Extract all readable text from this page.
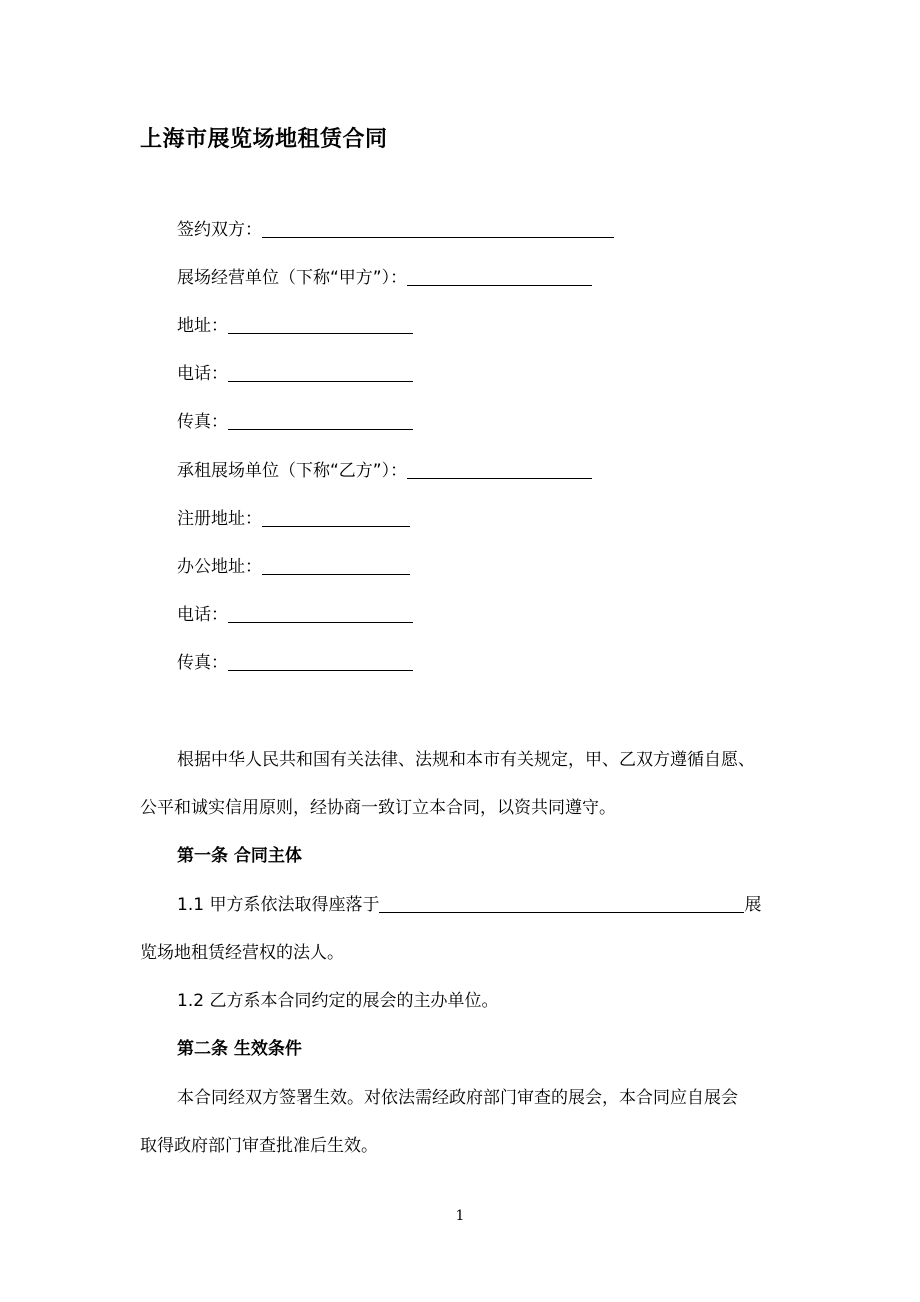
上海市展览场地租赁合同
签约双方：
展场经营单位（下称“甲方”）：
地址：
电话：
传真：
承租展场单位（下称“乙方”）：
注册地址：
办公地址：
电话：
传真：
根据中华人民共和国有关法律、法规和本市有关规定，甲、乙双方遵循自愿、
公平和诚实信用原则，经协商一致订立本合同，以资共同遵守。
第一条 合同主体
1.1 甲方系依法取得座落于	展
览场地租赁经营权的法人。
1.2 乙方系本合同约定的展会的主办单位。
第二条 生效条件
本合同经双方签署生效。对依法需经政府部门审查的展会，本合同应自展会
取得政府部门审查批准后生效。
1
